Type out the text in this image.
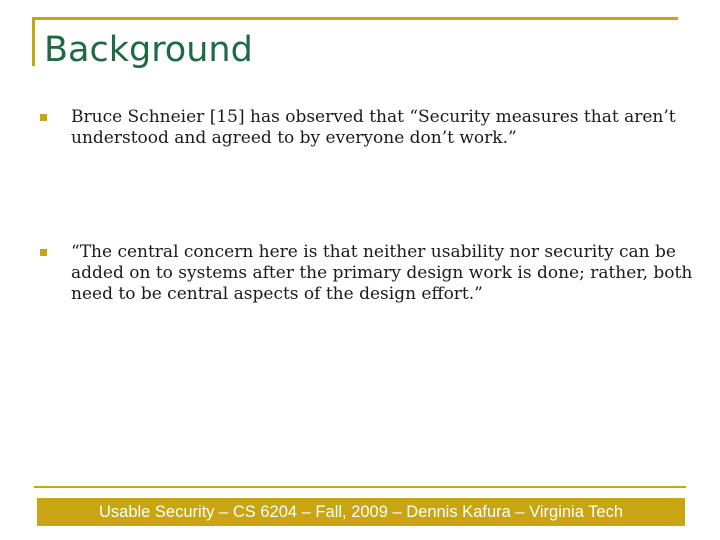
Background
Bruce Schneier [15] has observed that “Security measures that aren’t understood and agreed to by everyone don’t work.”
“The central concern here is that neither usability nor security can be added on to systems after the primary design work is done; rather, both need to be central aspects of the design effort.”
Usable Security – CS 6204 – Fall, 2009 – Dennis Kafura – Virginia Tech
